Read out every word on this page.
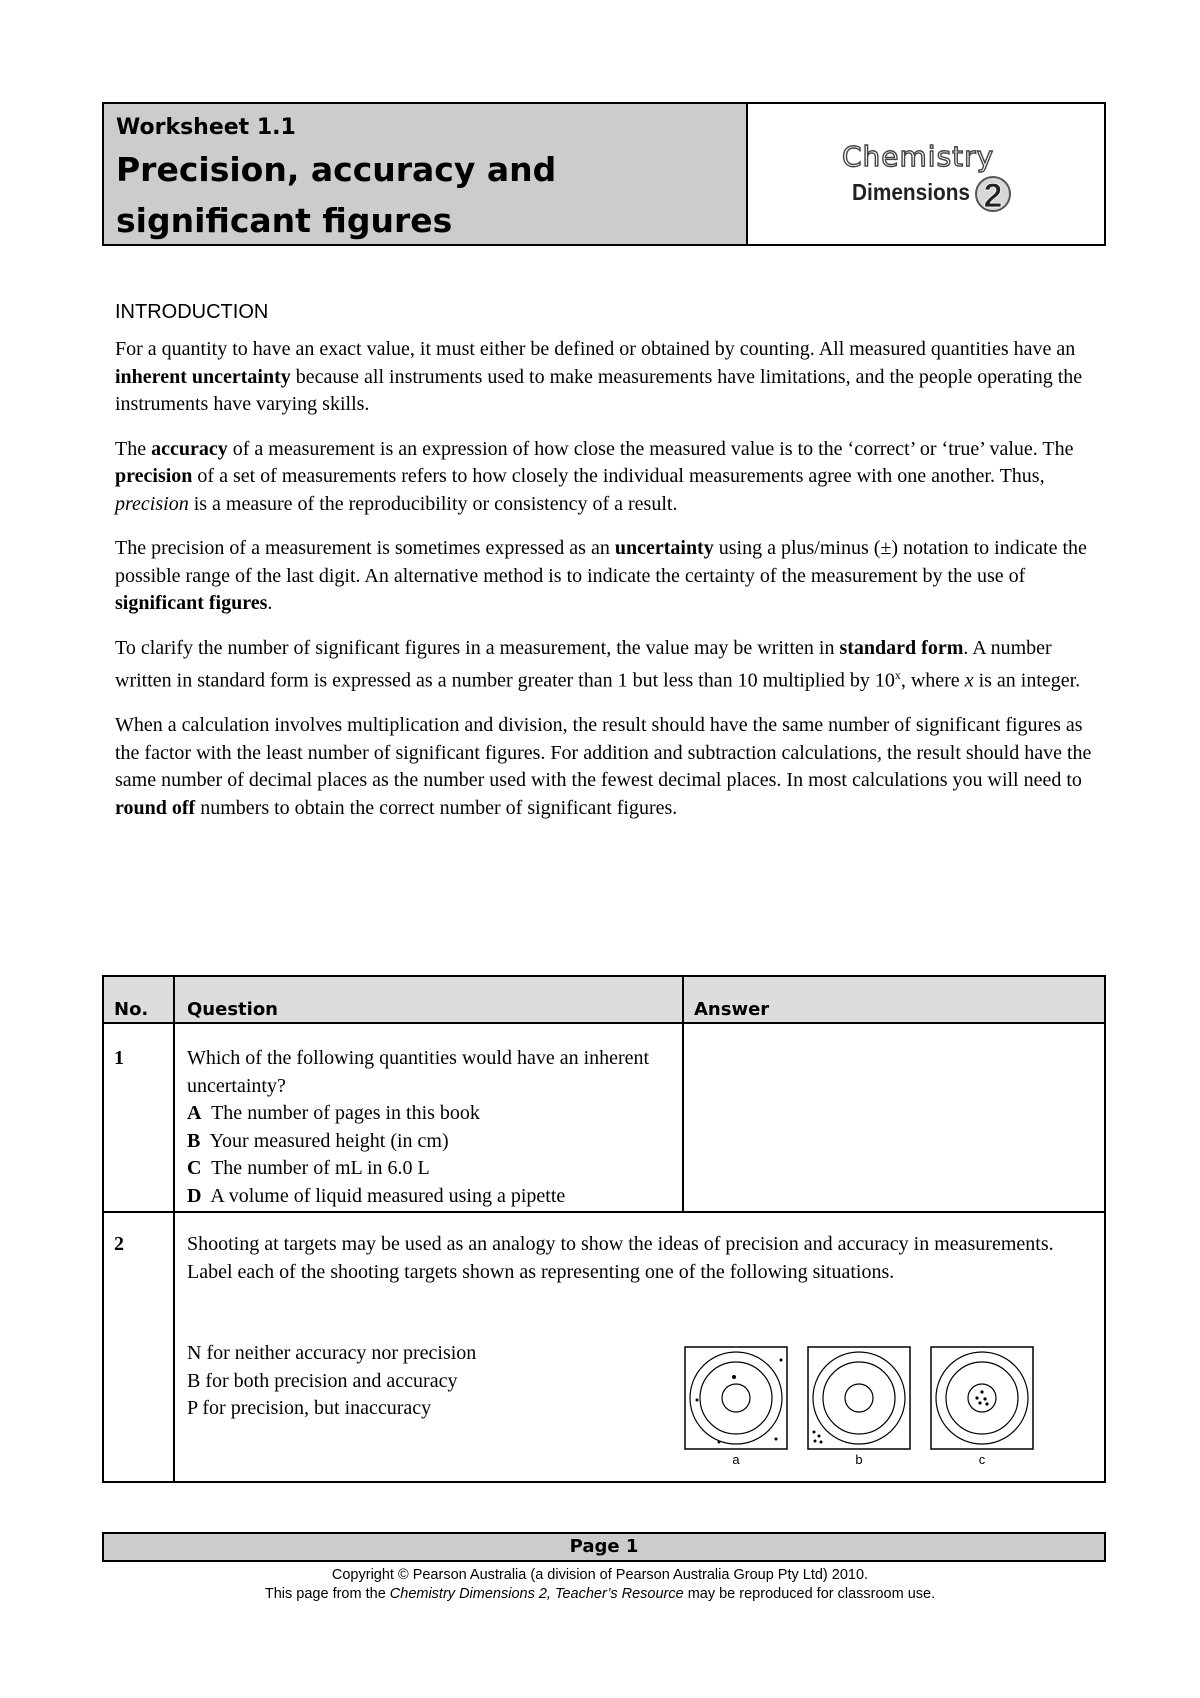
Worksheet 1.1
Precision, accuracy and
significant figures
Chemistry
Dimensions 2
INTRODUCTION

For a quantity to have an exact value, it must either be defined or obtained by counting. All measured quantities have an inherent uncertainty because all instruments used to make measurements have limitations, and the people operating the instruments have varying skills.

The accuracy of a measurement is an expression of how close the measured value is to the ‘correct’ or ‘true’ value. The precision of a set of measurements refers to how closely the individual measurements agree with one another. Thus, precision is a measure of the reproducibility or consistency of a result.

The precision of a measurement is sometimes expressed as an uncertainty using a plus/minus (±) notation to indicate the possible range of the last digit. An alternative method is to indicate the certainty of the measurement by the use of significant figures.

To clarify the number of significant figures in a measurement, the value may be written in standard form. A number written in standard form is expressed as a number greater than 1 but less than 10 multiplied by 10$^x$, where x is an integer.

When a calculation involves multiplication and division, the result should have the same number of significant figures as the factor with the least number of significant figures. For addition and subtraction calculations, the result should have the same number of decimal places as the number used with the fewest decimal places. In most calculations you will need to round off numbers to obtain the correct number of significant figures.

No. Question	Answer
1	Which of the following quantities would have an inherent uncertainty?
A The number of pages in this book
B Your measured height (in cm)
C The number of mL in 6.0 L
D A volume of liquid measured using a pipette
2	Shooting at targets may be used as an analogy to show the ideas of precision and accuracy in measurements. Label each of the shooting targets shown as representing one of the following situations.
N for neither accuracy nor precision
B for both precision and accuracy
P for precision, but inaccuracy
a	b	c
Page 1
Copyright © Pearson Australia (a division of Pearson Australia Group Pty Ltd) 2010.
This page from the Chemistry Dimensions 2, Teacher’s Resource may be reproduced for classroom use.
